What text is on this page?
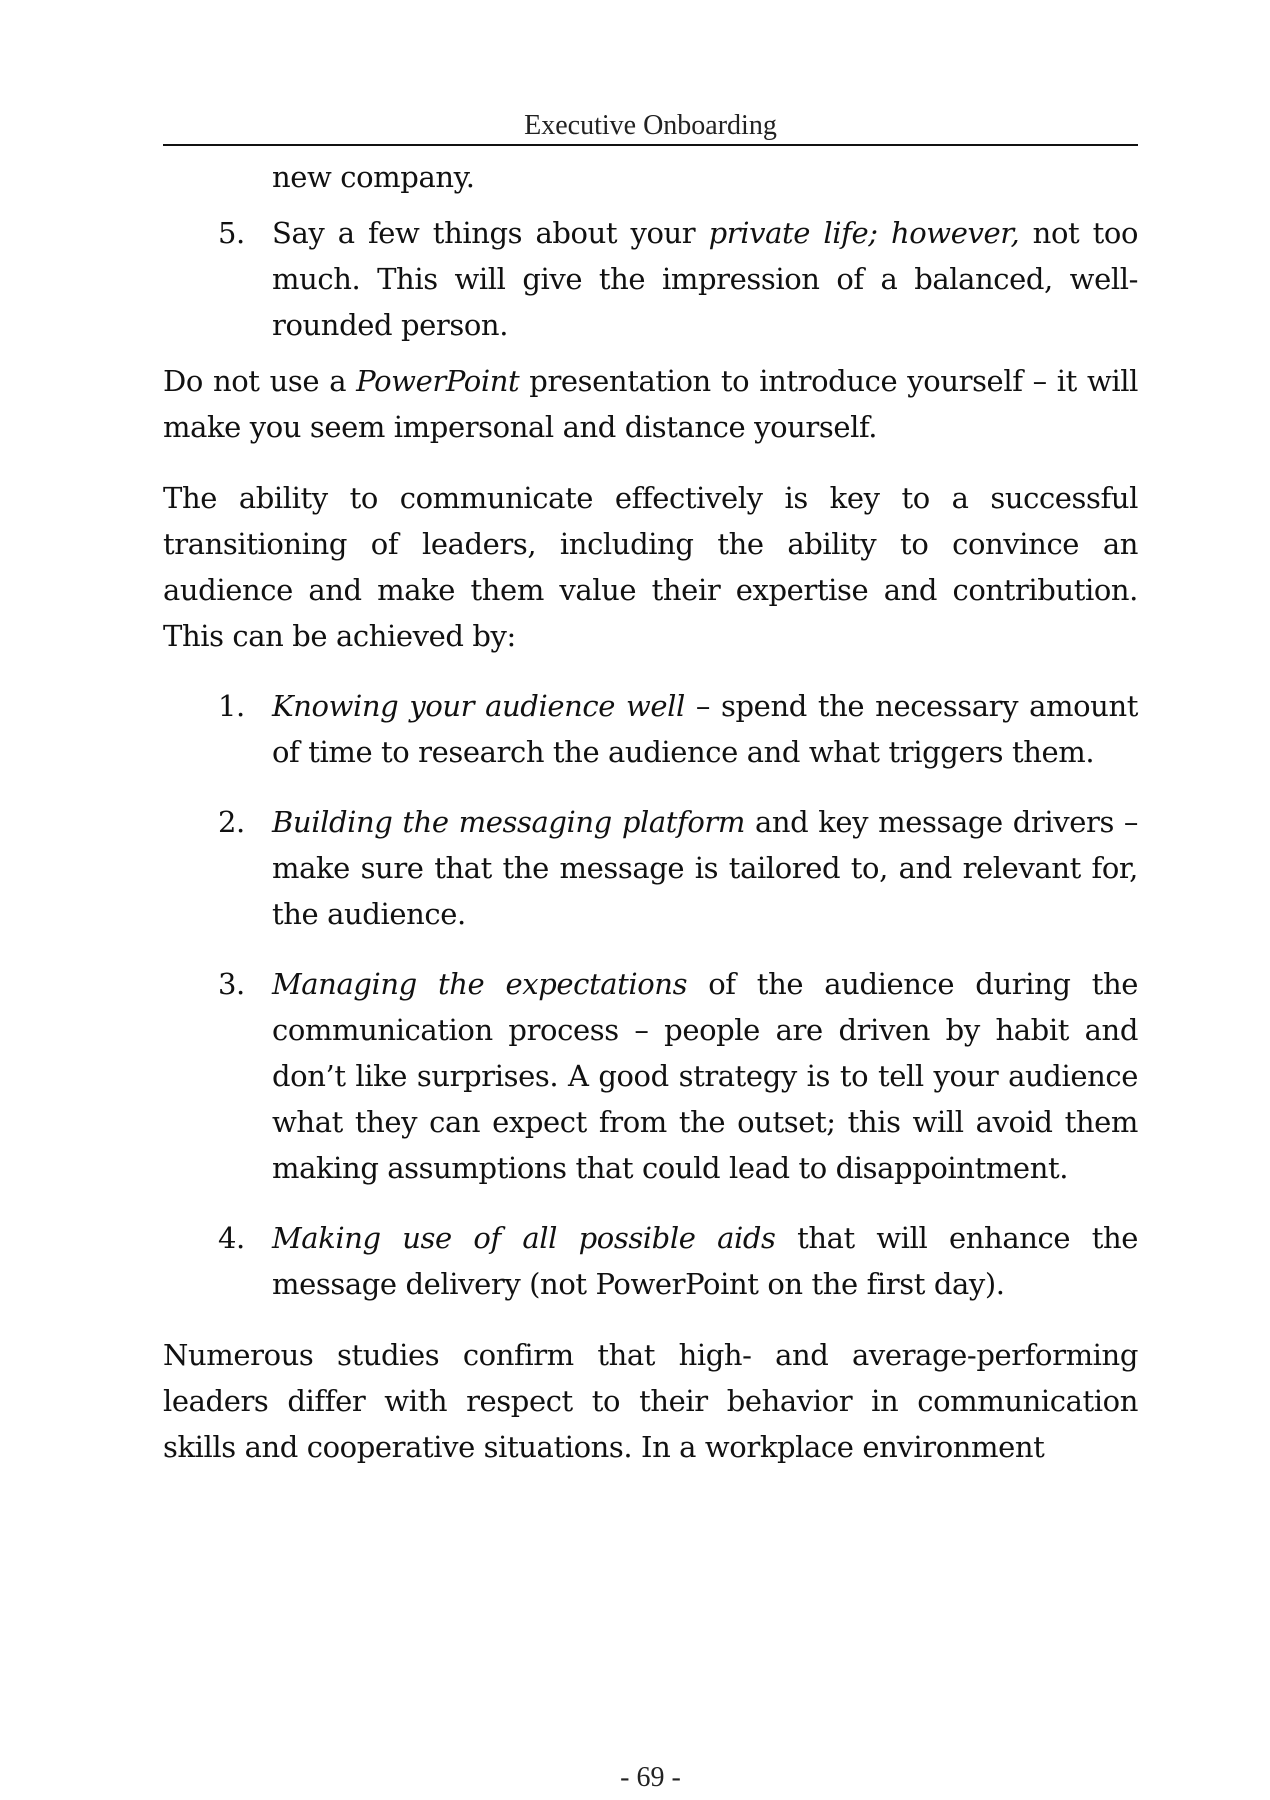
Executive Onboarding

new company.

5. Say a few things about your private life; however, not too much. This will give the impression of a balanced, well-rounded person.

Do not use a PowerPoint presentation to introduce yourself – it will make you seem impersonal and distance yourself.

The ability to communicate effectively is key to a successful transitioning of leaders, including the ability to convince an audience and make them value their expertise and contribution. This can be achieved by:

1. Knowing your audience well – spend the necessary amount of time to research the audience and what triggers them.
2. Building the messaging platform and key message drivers – make sure that the message is tailored to, and relevant for, the audience.
3. Managing the expectations of the audience during the communication process – people are driven by habit and don’t like surprises. A good strategy is to tell your audience what they can expect from the outset; this will avoid them making assumptions that could lead to disappointment.
4. Making use of all possible aids that will enhance the message delivery (not PowerPoint on the first day).

Numerous studies confirm that high- and average-performing leaders differ with respect to their behavior in communication skills and cooperative situations. In a workplace environment

- 69 -
